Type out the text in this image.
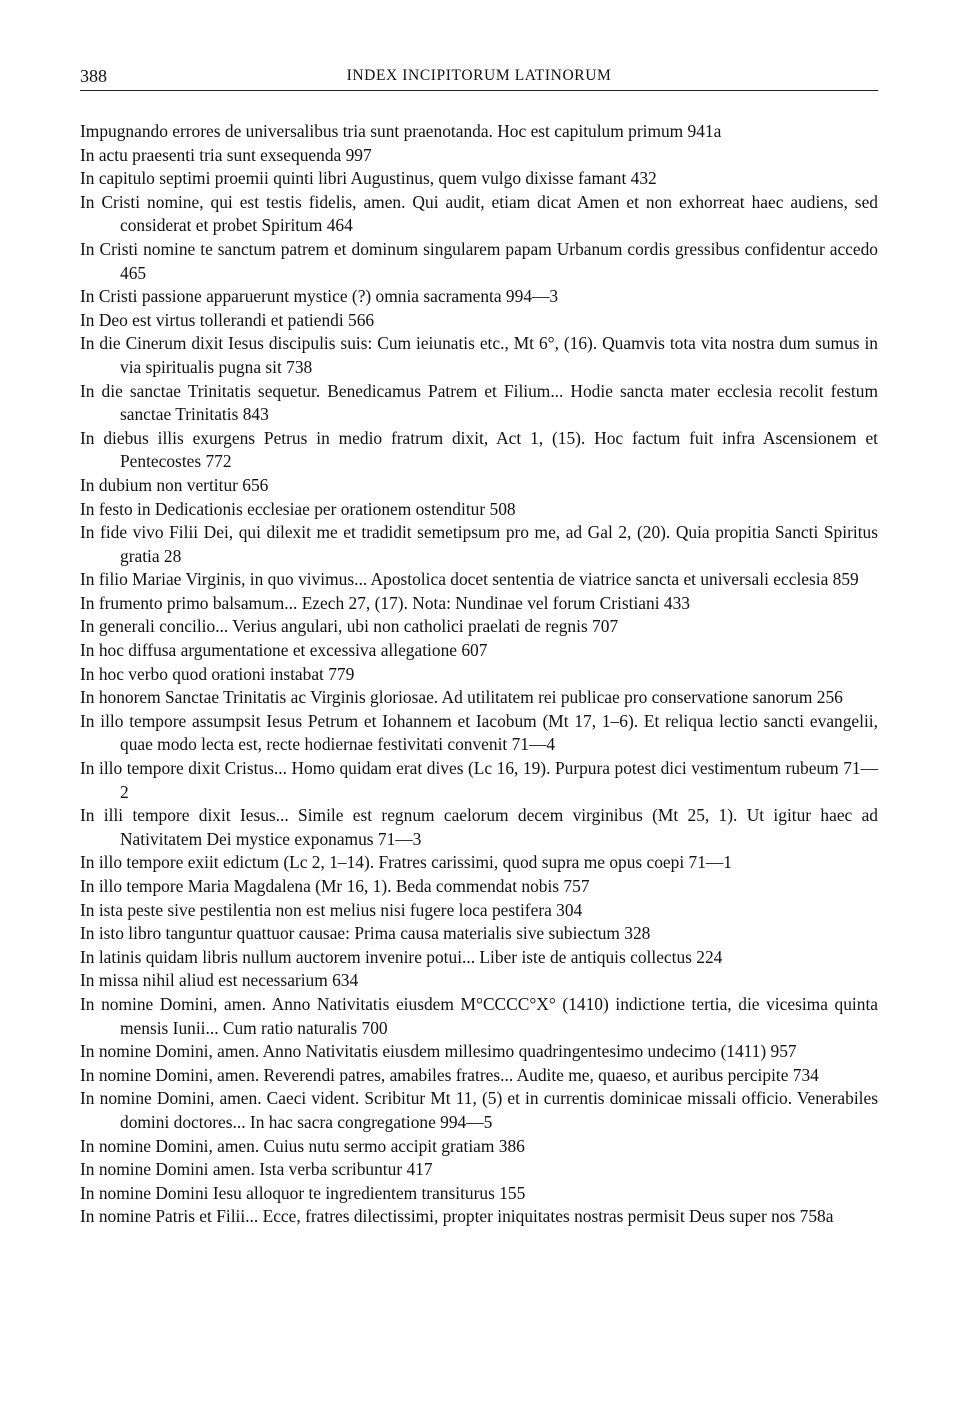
388	INDEX INCIPITORUM LATINORUM
Impugnando errores de universalibus tria sunt praenotanda. Hoc est capitulum primum 941a
In actu praesenti tria sunt exsequenda 997
In capitulo septimi proemii quinti libri Augustinus, quem vulgo dixisse famant 432
In Cristi nomine, qui est testis fidelis, amen. Qui audit, etiam dicat Amen et non exhorreat haec audiens, sed considerat et probet Spiritum 464
In Cristi nomine te sanctum patrem et dominum singularem papam Urbanum cordis gressibus confidentur accedo 465
In Cristi passione apparuerunt mystice (?) omnia sacramenta 994—3
In Deo est virtus tollerandi et patiendi 566
In die Cinerum dixit Iesus discipulis suis: Cum ieiunatis etc., Mt 6°, (16). Quamvis tota vita nostra dum sumus in via spiritualis pugna sit 738
In die sanctae Trinitatis sequetur. Benedicamus Patrem et Filium... Hodie sancta mater ecclesia recolit festum sanctae Trinitatis 843
In diebus illis exurgens Petrus in medio fratrum dixit, Act 1, (15). Hoc factum fuit infra Ascensionem et Pentecostes 772
In dubium non vertitur 656
In festo in Dedicationis ecclesiae per orationem ostenditur 508
In fide vivo Filii Dei, qui dilexit me et tradidit semetipsum pro me, ad Gal 2, (20). Quia propitia Sancti Spiritus gratia 28
In filio Mariae Virginis, in quo vivimus... Apostolica docet sententia de viatrice sancta et universali ecclesia 859
In frumento primo balsamum... Ezech 27, (17). Nota: Nundinae vel forum Cristiani 433
In generali concilio... Verius angulari, ubi non catholici praelati de regnis 707
In hoc diffusa argumentatione et excessiva allegatione 607
In hoc verbo quod orationi instabat 779
In honorem Sanctae Trinitatis ac Virginis gloriosae. Ad utilitatem rei publicae pro conservatione sanorum 256
In illo tempore assumpsit Iesus Petrum et Iohannem et Iacobum (Mt 17, 1–6). Et reliqua lectio sancti evangelii, quae modo lecta est, recte hodiernae festivitati convenit 71—4
In illo tempore dixit Cristus... Homo quidam erat dives (Lc 16, 19). Purpura potest dici vestimentum rubeum 71—2
In illi tempore dixit Iesus... Simile est regnum caelorum decem virginibus (Mt 25, 1). Ut igitur haec ad Nativitatem Dei mystice exponamus 71—3
In illo tempore exiit edictum (Lc 2, 1–14). Fratres carissimi, quod supra me opus coepi 71—1
In illo tempore Maria Magdalena (Mr 16, 1). Beda commendat nobis 757
In ista peste sive pestilentia non est melius nisi fugere loca pestifera 304
In isto libro tanguntur quattuor causae: Prima causa materialis sive subiectum 328
In latinis quidam libris nullum auctorem invenire potui... Liber iste de antiquis collectus 224
In missa nihil aliud est necessarium 634
In nomine Domini, amen. Anno Nativitatis eiusdem M°CCCC°X° (1410) indictione tertia, die vicesima quinta mensis Iunii... Cum ratio naturalis 700
In nomine Domini, amen. Anno Nativitatis eiusdem millesimo quadringentesimo undecimo (1411) 957
In nomine Domini, amen. Reverendi patres, amabiles fratres... Audite me, quaeso, et auribus percipite 734
In nomine Domini, amen. Caeci vident. Scribitur Mt 11, (5) et in currentis dominicae missali officio. Venerabiles domini doctores... In hac sacra congregatione 994—5
In nomine Domini, amen. Cuius nutu sermo accipit gratiam 386
In nomine Domini amen. Ista verba scribuntur 417
In nomine Domini Iesu alloquor te ingredientem transiturus 155
In nomine Patris et Filii... Ecce, fratres dilectissimi, propter iniquitates nostras permisit Deus super nos 758a
